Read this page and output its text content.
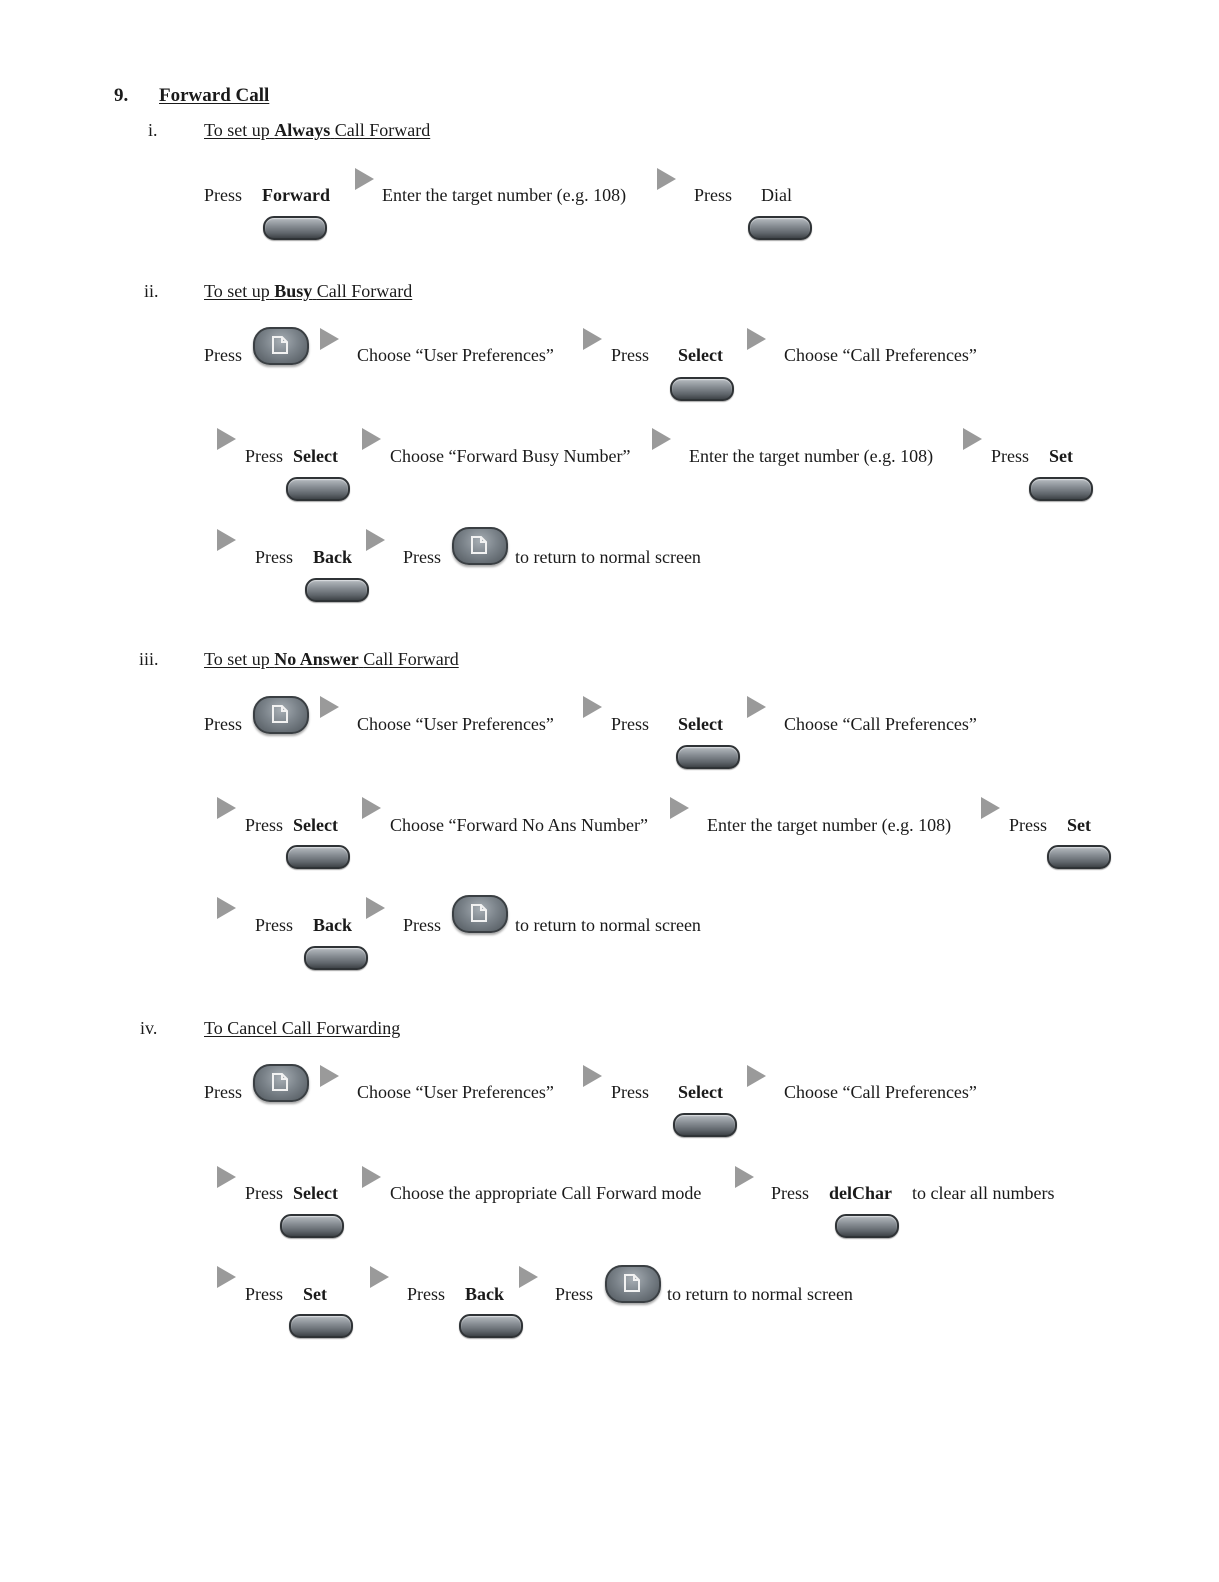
9. Forward Call
i.	To set up Always Call Forward
Press Forward	Enter the target number (e.g. 108)	Press Dial
ii.	To set up Busy Call Forward
Press	Choose “User Preferences”	Press Select	Choose “Call Preferences”
Press Select	Choose “Forward Busy Number”	Enter the target number (e.g. 108)	Press Set
Press Back	Press	to return to normal screen
iii.	To set up No Answer Call Forward
Press	Choose “User Preferences”	Press Select	Choose “Call Preferences”
Press Select	Choose “Forward No Ans Number”	Enter the target number (e.g. 108)	Press Set
Press Back	Press	to return to normal screen
iv.	To Cancel Call Forwarding
Press	Choose “User Preferences”	Press Select	Choose “Call Preferences”
Press Select	Choose the appropriate Call Forward mode	Press delChar to clear all numbers
Press Set	Press Back	Press	to return to normal screen
